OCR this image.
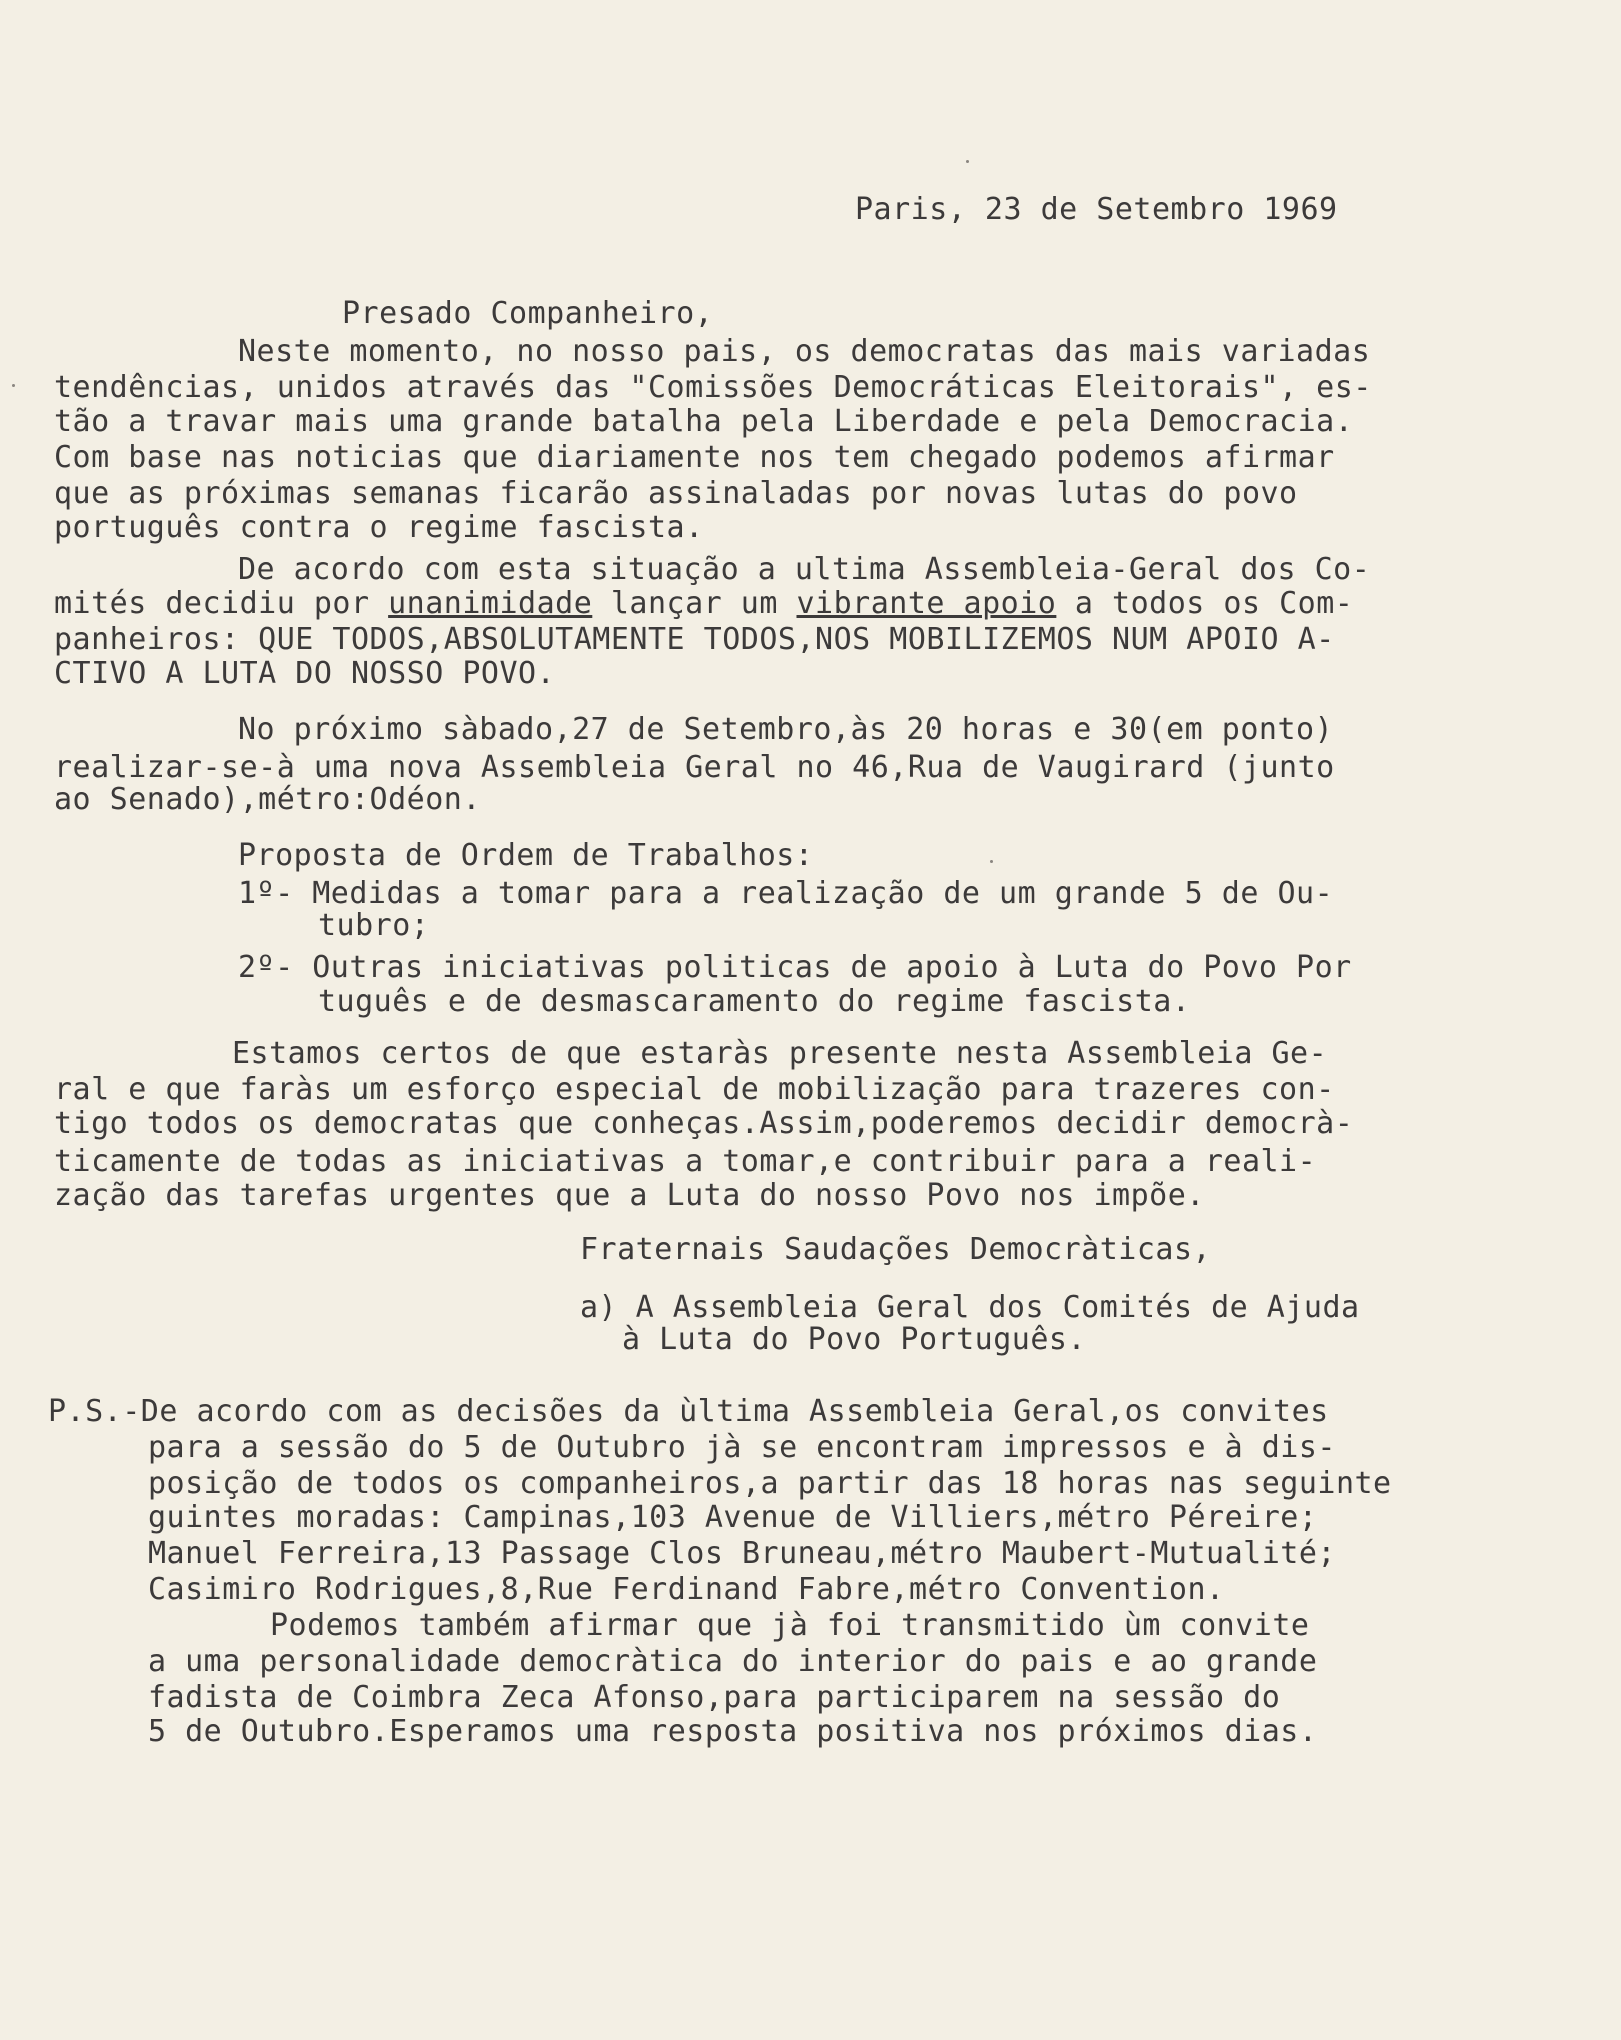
Paris, 23 de Setembro 1969
Presado Companheiro,
Neste momento, no nosso pais, os democratas das mais variadas
tendências, unidos através das "Comissões Democráticas Eleitorais", es-
tão a travar mais uma grande batalha pela Liberdade e pela Democracia.
Com base nas noticias que diariamente nos tem chegado podemos afirmar
que as próximas semanas ficarão assinaladas por novas lutas do povo
português contra o regime fascista.
De acordo com esta situação a ultima Assembleia-Geral dos Co-
mités decidiu por unanimidade lançar um vibrante apoio a todos os Com-
panheiros: QUE TODOS,ABSOLUTAMENTE TODOS,NOS MOBILIZEMOS NUM APOIO A-
CTIVO A LUTA DO NOSSO POVO.
No próximo sàbado,27 de Setembro,às 20 horas e 30(em ponto)
realizar-se-à uma nova Assembleia Geral no 46,Rua de Vaugirard (junto
ao Senado),métro:Odéon.
Proposta de Ordem de Trabalhos:
1º- Medidas a tomar para a realização de um grande 5 de Ou-
tubro;
2º- Outras iniciativas politicas de apoio à Luta do Povo Por
tuguês e de desmascaramento do regime fascista.
Estamos certos de que estaràs presente nesta Assembleia Ge-
ral e que faràs um esforço especial de mobilização para trazeres con-
tigo todos os democratas que conheças.Assim,poderemos decidir democrà-
ticamente de todas as iniciativas a tomar,e contribuir para a reali-
zação das tarefas urgentes que a Luta do nosso Povo nos impõe.
Fraternais Saudações Democràticas,
a) A Assembleia Geral dos Comités de Ajuda
à Luta do Povo Português.
P.S.-De acordo com as decisões da ùltima Assembleia Geral,os convites
para a sessão do 5 de Outubro jà se encontram impressos e à dis-
posição de todos os companheiros,a partir das 18 horas nas seguinte
guintes moradas: Campinas,103 Avenue de Villiers,métro Péreire;
Manuel Ferreira,13 Passage Clos Bruneau,métro Maubert-Mutualité;
Casimiro Rodrigues,8,Rue Ferdinand Fabre,métro Convention.
Podemos também afirmar que jà foi transmitido ùm convite
a uma personalidade democràtica do interior do pais e ao grande
fadista de Coimbra Zeca Afonso,para participarem na sessão do
5 de Outubro.Esperamos uma resposta positiva nos próximos dias.
